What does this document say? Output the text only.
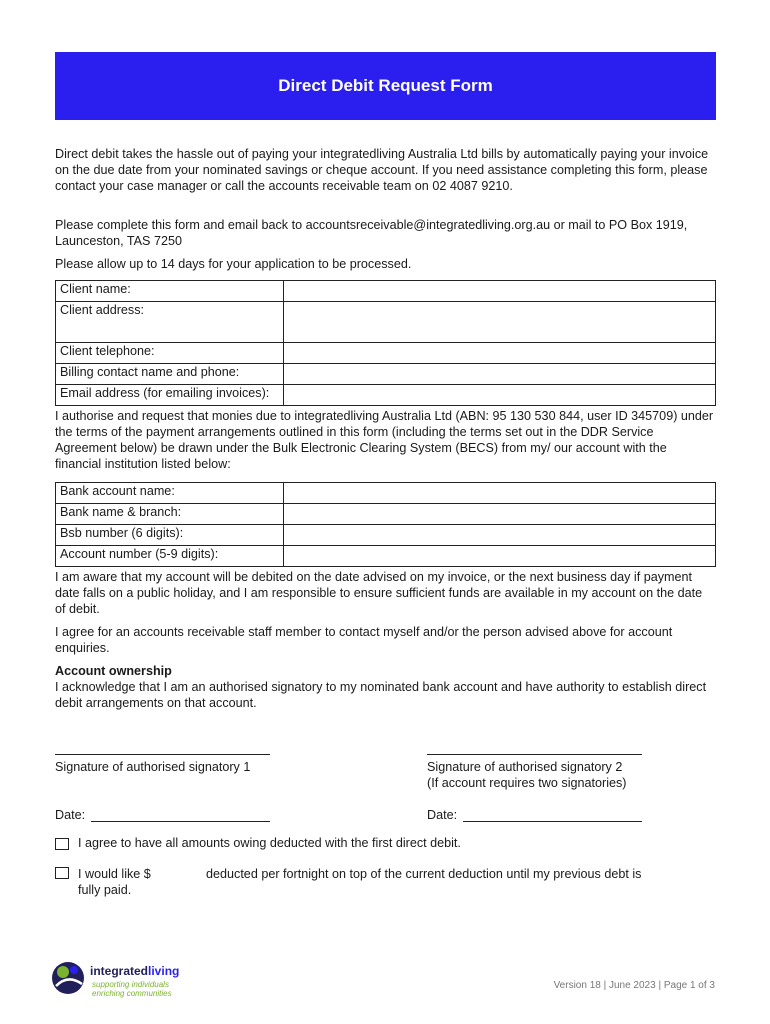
Direct Debit Request Form

Direct debit takes the hassle out of paying your integratedliving Australia Ltd bills by automatically paying your invoice on the due date from your nominated savings or cheque account. If you need assistance completing this form, please contact your case manager or call the accounts receivable team on 02 4087 9210.

Please complete this form and email back to accountsreceivable@integratedliving.org.au or mail to PO Box 1919, Launceston, TAS 7250

Please allow up to 14 days for your application to be processed.

Client name:	
Client address:	
Client telephone:	
Billing contact name and phone:	
Email address (for emailing invoices):	

I authorise and request that monies due to integratedliving Australia Ltd (ABN: 95 130 530 844, user ID 345709) under the terms of the payment arrangements outlined in this form (including the terms set out in the DDR Service Agreement below) be drawn under the Bulk Electronic Clearing System (BECS) from my/ our account with the financial institution listed below:

Bank account name:	
Bank name & branch:	
Bsb number (6 digits):	
Account number (5-9 digits):	

I am aware that my account will be debited on the date advised on my invoice, or the next business day if payment date falls on a public holiday, and I am responsible to ensure sufficient funds are available in my account on the date of debit.

I agree for an accounts receivable staff member to contact myself and/or the person advised above for account enquiries.

Account ownership

I acknowledge that I am an authorised signatory to my nominated bank account and have authority to establish direct debit arrangements on that account.

Signature of authorised signatory 1	Signature of authorised signatory 2
(If account requires two signatories)
Date:	Date:
I agree to have all amounts owing deducted with the first direct debit.
I would like $	deducted per fortnight on top of the current deduction until my previous debt is
fully paid.
integratedliving
supporting individuals
enriching communities
Version 18 | June 2023 | Page 1 of 3
